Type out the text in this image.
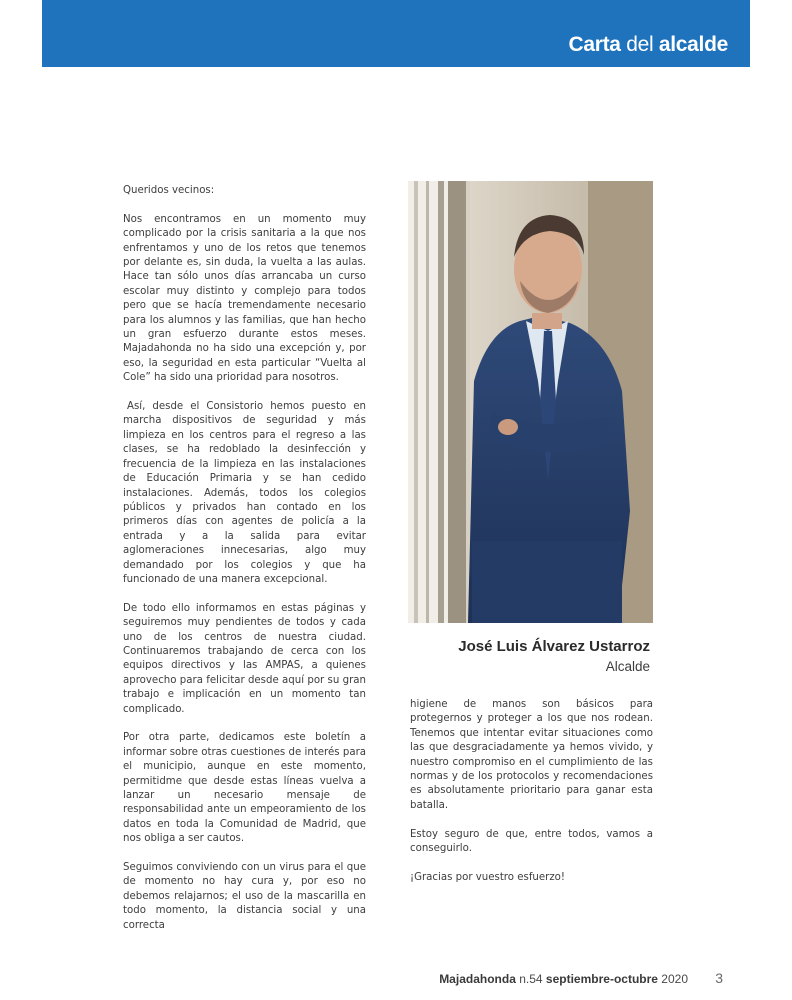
Carta del alcalde

Queridos vecinos:

Nos encontramos en un momento muy complicado por la crisis sanitaria a la que nos enfrentamos y uno de los retos que tenemos por delante es, sin duda, la vuelta a las aulas. Hace tan sólo unos días arrancaba un curso escolar muy distinto y complejo para todos pero que se hacía tremendamente necesario para los alumnos y las familias, que han hecho un gran esfuerzo durante estos meses. Majadahonda no ha sido una excepción y, por eso, la seguridad en esta particular “Vuelta al Cole” ha sido una prioridad para nosotros.

Así, desde el Consistorio hemos puesto en marcha dispositivos de seguridad y más limpieza en los centros para el regreso a las clases, se ha redoblado la desinfección y frecuencia de la limpieza en las instalaciones de Educación Primaria y se han cedido instalaciones. Además, todos los colegios públicos y privados han contado en los primeros días con agentes de policía a la entrada y a la salida para evitar aglomeraciones innecesarias, algo muy demandado por los colegios y que ha funcionado de una manera excepcional.

De todo ello informamos en estas páginas y seguiremos muy pendientes de todos y cada uno de los centros de nuestra ciudad. Continuaremos trabajando de cerca con los equipos directivos y las AMPAS, a quienes aprovecho para felicitar desde aquí por su gran trabajo e implicación en un momento tan complicado.

Por otra parte, dedicamos este boletín a informar sobre otras cuestiones de interés para el municipio, aunque en este momento, permitidme que desde estas líneas vuelva a lanzar un necesario mensaje de responsabilidad ante un empeoramiento de los datos en toda la Comunidad de Madrid, que nos obliga a ser cautos.

Seguimos conviviendo con un virus para el que de momento no hay cura y, por eso no debemos relajarnos; el uso de la mascarilla en todo momento, la distancia social y una correcta

José Luis Álvarez Ustarroz
Alcalde

higiene de manos son básicos para protegernos y proteger a los que nos rodean. Tenemos que intentar evitar situaciones como las que desgraciadamente ya hemos vivido, y nuestro compromiso en el cumplimiento de las normas y de los protocolos y recomendaciones es absolutamente prioritario para ganar esta batalla.

Estoy seguro de que, entre todos, vamos a conseguirlo.

¡Gracias por vuestro esfuerzo!

Majadahonda n.54 septiembre-octubre 2020 3
